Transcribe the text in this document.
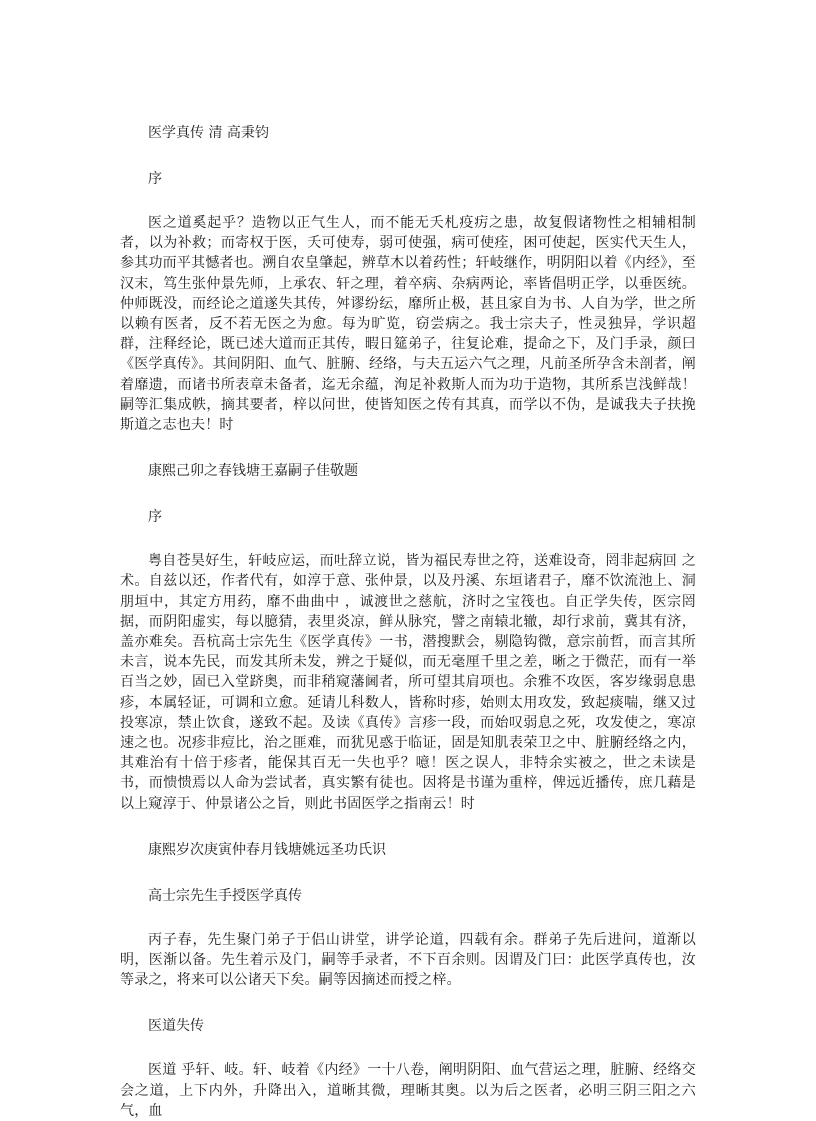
医学真传 清 高秉钧

序

医之道奚起乎？造物以正气生人，而不能无夭札疫疠之患，故复假诸物性之相辅相制者，以为补救；而寄权于医，夭可使寿，弱可使强，病可使痊，困可使起，医实代天生人，参其功而平其憾者也。溯自农皇肇起，辨草木以着药性；轩岐继作，明阴阳以着《内经》，至汉末，笃生张仲景先师，上承农、轩之理，着卒病、杂病两论，率皆倡明正学，以垂医统。仲师既没，而经论之道遂失其传，舛谬纷纭，靡所止极，甚且家自为书、人自为学，世之所以赖有医者，反不若无医之为愈。每为旷览，窃尝病之。我士宗夫子，性灵独异，学识超群，注释经论，既已述大道而正其传，暇日筵弟子，往复论难，提命之下，及门手录，颜曰《医学真传》。其间阴阳、血气、脏腑、经络，与夫五运六气之理，凡前圣所孕含未剖者，阐着靡遗，而诸书所表章未备者，迄无余蕴，洵足补救斯人而为功于造物，其所系岂浅鲜哉！嗣等汇集成帙，摘其要者，梓以问世，使皆知医之传有其真，而学以不伪，是诚我夫子扶挽斯道之志也夫！时

康熙己卯之春钱塘王嘉嗣子佳敬题

序

粤自苍昊好生，轩岐应运，而吐辞立说，皆为福民寿世之符，送难设奇，罔非起病回 之术。自兹以还，作者代有，如淳于意、张仲景，以及丹溪、东垣诸君子，靡不饮流池上、洞朋垣中，其定方用药，靡不曲曲中 ，诚渡世之慈航，济时之宝筏也。自正学失传，医宗罔据，而阴阳虚实，每以臆猜，表里炎凉，鲜从脉究，譬之南辕北辙，却行求前，冀其有济，盖亦难矣。吾杭高士宗先生《医学真传》一书，潜搜默会，剔隐钩微，意宗前哲，而言其所未言，说本先民，而发其所未发，辨之于疑似，而无毫厘千里之差，晰之于微茫，而有一举百当之妙，固已入堂跻奥，而非稍窥藩阃者，所可望其肩项也。余雅不攻医，客岁缘弱息患疹，本属轻证，可调和立愈。延请儿科数人，皆称时疹，始则太用攻发，致起痰喘，继又过投寒凉，禁止饮食，遂致不起。及读《真传》言疹一段，而始叹弱息之死，攻发使之，寒凉速之也。况疹非痘比，治之匪难，而犹见惑于临证，固是知肌表荣卫之中、脏腑经络之内，其难治有十倍于疹者，能保其百无一失也乎？噫！医之误人，非特余实被之，世之未读是书，而愦愦焉以人命为尝试者，真实繁有徒也。因将是书谨为重梓，俾远近播传，庶几藉是以上窥淳于、仲景诸公之旨，则此书固医学之指南云！时

康熙岁次庚寅仲春月钱塘姚远圣功氏识

高士宗先生手授医学真传

丙子春，先生聚门弟子于侣山讲堂，讲学论道，四载有余。群弟子先后进问，道渐以明，医渐以备。先生着示及门，嗣等手录者，不下百余则。因谓及门曰：此医学真传也，汝等录之，将来可以公诸天下矣。嗣等因摘述而授之梓。

医道失传

医道 乎轩、岐。轩、岐着《内经》一十八卷，阐明阴阳、血气营运之理，脏腑、经络交会之道，上下内外，升降出入，道晰其微，理晰其奥。以为后之医者，必明三阴三阳之六气，血
